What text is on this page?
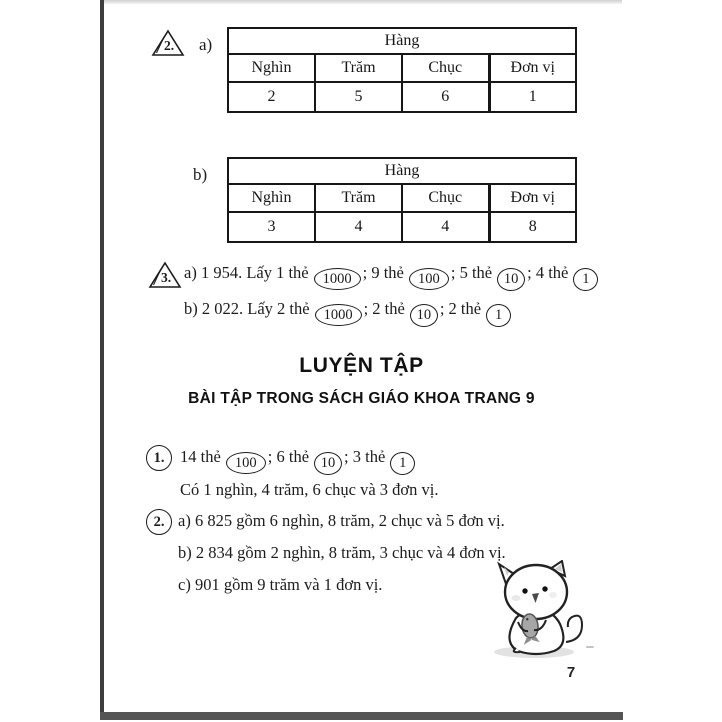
2.	a)	Hàng			
Nghìn	Trăm	Chục	Đơn vị
2	5	6	1
b)	Hàng			
Nghìn	Trăm	Chục	Đơn vị
3	4	4	8
3. a) 1 954. Lấy 1 thẻ 1000 ; 9 thẻ 100 ; 5 thẻ 10 ; 4 thẻ 1
b) 2 022. Lấy 2 thẻ 1000 ; 2 thẻ 10 ; 2 thẻ 1
LUYỆN TẬP
BÀI TẬP TRONG SÁCH GIÁO KHOA TRANG 9
1. 14 thẻ 100 ; 6 thẻ 10 ; 3 thẻ 1
Có 1 nghìn, 4 trăm, 6 chục và 3 đơn vị.
2. a) 6 825 gồm 6 nghìn, 8 trăm, 2 chục và 5 đơn vị.
b) 2 834 gồm 2 nghìn, 8 trăm, 3 chục và 4 đơn vị.
c) 901 gồm 9 trăm và 1 đơn vị.
7
